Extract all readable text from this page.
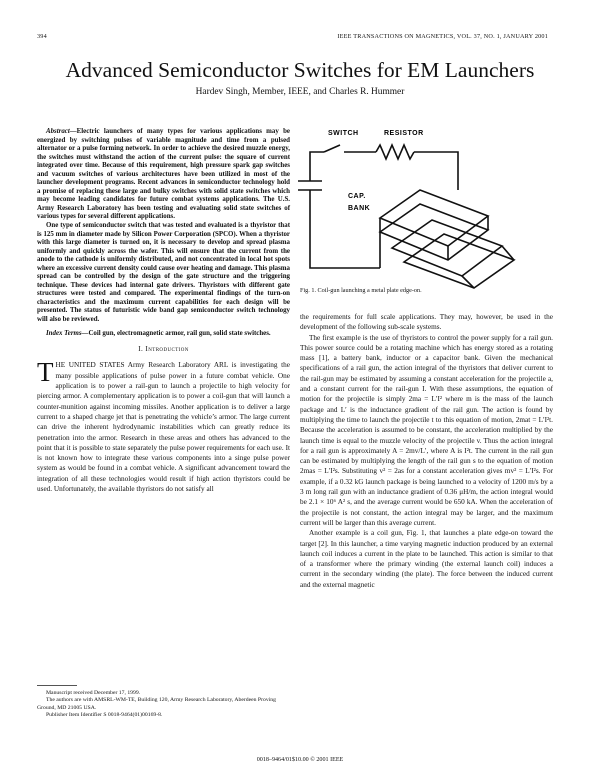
394	IEEE TRANSACTIONS ON MAGNETICS, VOL. 37, NO. 1, JANUARY 2001
Advanced Semiconductor Switches for EM Launchers
Hardev Singh, Member, IEEE, and Charles R. Hummer

Abstract—Electric launchers of many types for various applications may be energized by switching pulses of variable magnitude and time from a pulsed alternator or a pulse forming network. In order to achieve the desired muzzle energy, the switches must withstand the action of the current pulse: the square of current integrated over time. Because of this requirement, high pressure spark gap switches and vacuum switches of various architectures have been utilized in most of the launcher development programs. Recent advances in semiconductor technology hold a promise of replacing these large and bulky switches with solid state switches which may become leading candidates for future combat systems applications. The U.S. Army Research Laboratory has been testing and evaluating solid state switches of various types for several different applications.

One type of semiconductor switch that was tested and evaluated is a thyristor that is 125 mm in diameter made by Silicon Power Corporation (SPCO). When a thyristor with this large diameter is turned on, it is necessary to develop and spread plasma uniformly and quickly across the wafer. This will ensure that the current from the anode to the cathode is uniformly distributed, and not concentrated in local hot spots where an excessive current density could cause over heating and damage. This plasma spread can be controlled by the design of the gate structure and the triggering technique. These devices had internal gate drivers. Thyristors with different gate structures were tested and compared. The experimental findings of the turn-on characteristics and the maximum current capabilities for each design will be presented. The status of futuristic wide band gap semiconductor switch technology will also be reviewed.

Index Terms—Coil gun, electromagnetic armor, rail gun, solid state switches.

I. Introduction

THE UNITED STATES Army Research Laboratory ARL is investigating the many possible applications of pulse power in a future combat vehicle. One application is to power a rail-gun to launch a projectile to high velocity for piercing armor. A complementary application is to power a coil-gun that will launch a counter-munition against incoming missiles. Another application is to deliver a large current to a shaped charge jet that is penetrating the vehicle’s armor. The large current can drive the inherent hydrodynamic instabilities which can greatly reduce its penetration into the armor. Research in these areas and others has advanced to the point that it is possible to state separately the pulse power requirements for each use. It is not known how to integrate these various components into a singe pulse power system as would be found in a combat vehicle. A significant advancement toward the integration of all these technologies would result if high action thyristors could be used. Unfortunately, the available thyristors do not satisfy all

Manuscript received December 17, 1999.
The authors are with AMSRL-WM-TE, Building 120, Army Research Laboratory, Aberdeen Proving Ground, MD 21005 USA.
Publisher Item Identifier S 0018-9464(01)00169-8.
SWITCH	RESISTOR
CAP.
BANK
Fig. 1. Coil-gun launching a metal plate edge-on.

the requirements for full scale applications. They may, however, be used in the development of the following sub-scale systems.

The first example is the use of thyristors to control the power supply for a rail gun. This power source could be a rotating machine which has energy stored as a rotating mass [1], a battery bank, inductor or a capacitor bank. Given the mechanical specifications of a rail gun, the action integral of the thyristors that deliver current to the rail-gun may be estimated by assuming a constant acceleration for the projectile a, and a constant current for the rail-gun I. With these assumptions, the equation of motion for the projectile is simply 2ma = L′I² where m is the mass of the launch package and L′ is the inductance gradient of the rail gun. The action is found by multiplying the time to launch the projectile t to this equation of motion, 2mat = L′I²t. Because the acceleration is assumed to be constant, the acceleration multiplied by the launch time is equal to the muzzle velocity of the projectile v. Thus the action integral for a rail gun is approximately A = 2mv/L′, where A is I²t. The current in the rail gun can be estimated by multiplying the length of the rail gun s to the equation of motion 2mas = L′I²s. Substituting v² = 2as for a constant acceleration gives mv² = L′I²s. For example, if a 0.32 kG launch package is being launched to a velocity of 1200 m/s by a 3 m long rail gun with an inductance gradient of 0.36 μH/m, the action integral would be 2.1 × 10⁶ A² s, and the average current would be 650 kA. When the acceleration of the projectile is not constant, the action integral may be larger, and the maximum current will be larger than this average current.

Another example is a coil gun, Fig. 1, that launches a plate edge-on toward the target [2]. In this launcher, a time varying magnetic induction produced by an external launch coil induces a current in the plate to be launched. This action is similar to that of a transformer where the primary winding (the external launch coil) induces a current in the secondary winding (the plate). The force between the induced current and the external magnetic

0018–9464/01$10.00 © 2001 IEEE
